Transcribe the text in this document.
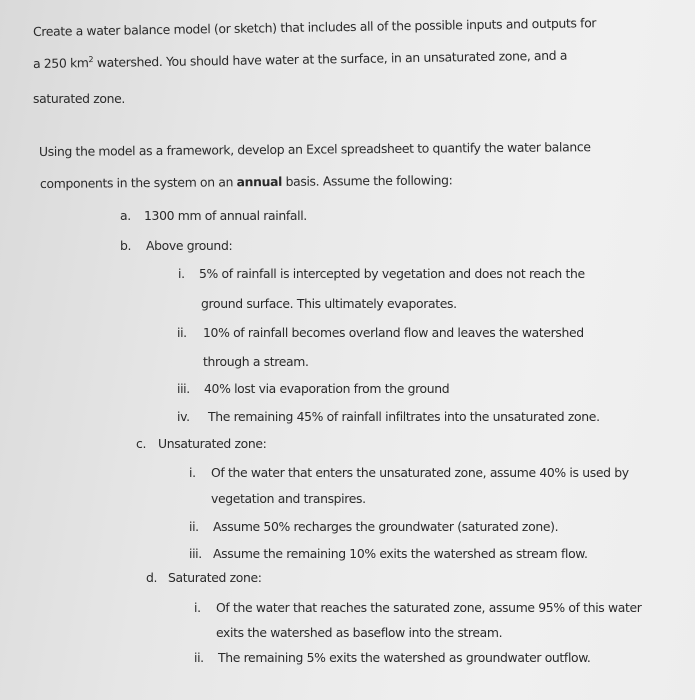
Create a water balance model (or sketch) that includes all of the possible inputs and outputs for
a 250 $km^2$ watershed. You should have water at the surface, in an unsaturated zone, and a
saturated zone.
Using the model as a framework, develop an Excel spreadsheet to quantify the water balance
components in the system on an annual basis. Assume the following:
a. 1300 mm of annual rainfall.
b. Above ground:
i. 5% of rainfall is intercepted by vegetation and does not reach the
ground surface. This ultimately evaporates.
ii. 10% of rainfall becomes overland flow and leaves the watershed
through a stream.
iii. 40% lost via evaporation from the ground
iv. The remaining 45% of rainfall infiltrates into the unsaturated zone.
c. Unsaturated zone:
i. Of the water that enters the unsaturated zone, assume 40% is used by
vegetation and transpires.
ii. Assume 50% recharges the groundwater (saturated zone).
iii. Assume the remaining 10% exits the watershed as stream flow.
d. Saturated zone:
i. Of the water that reaches the saturated zone, assume 95% of this water
exits the watershed as baseflow into the stream.
ii. The remaining 5% exits the watershed as groundwater outflow.
